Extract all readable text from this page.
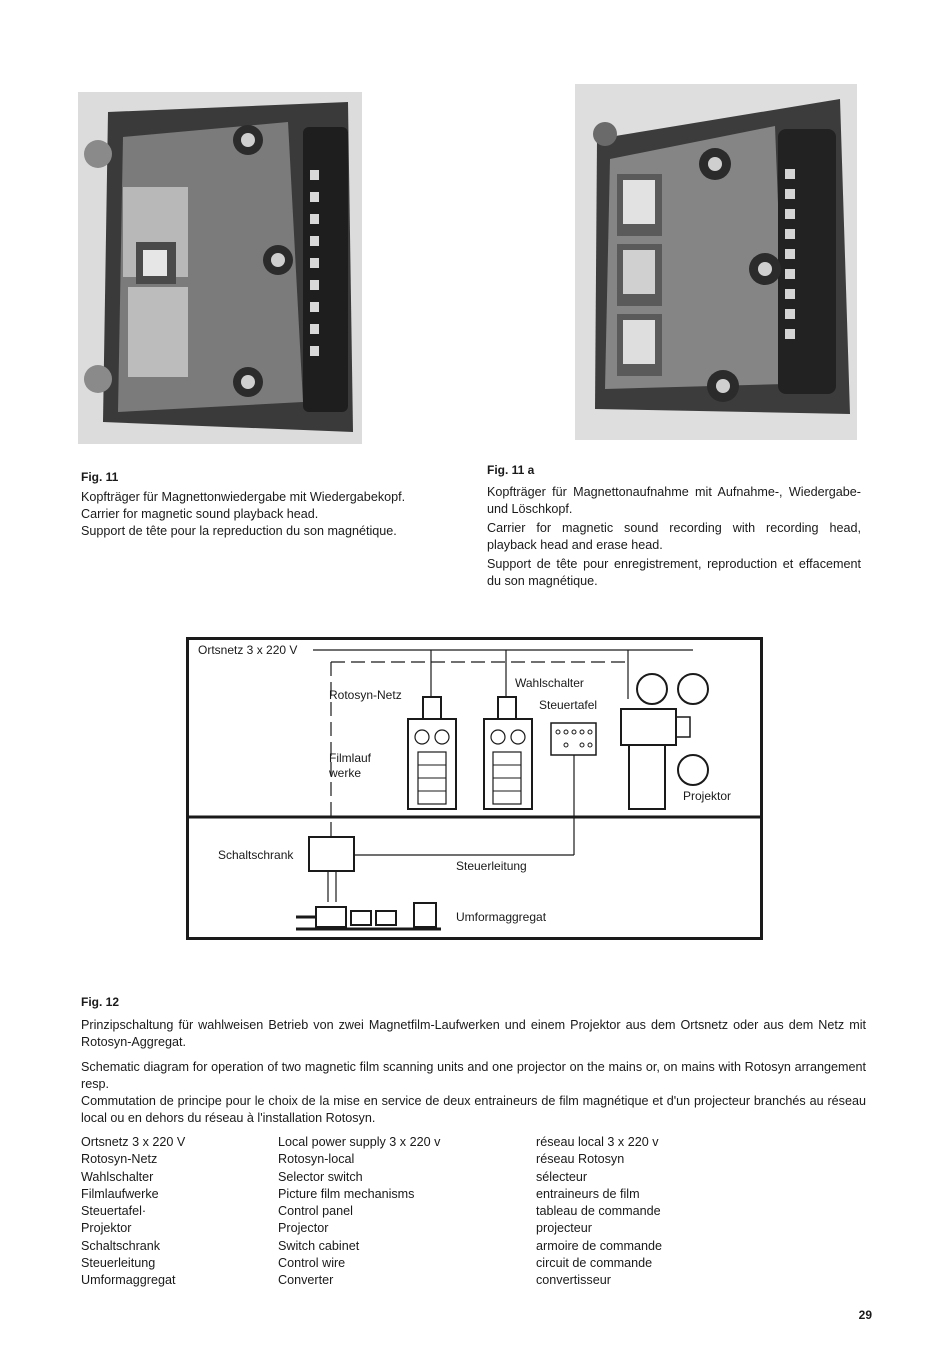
Fig. 11
Kopfträger für Magnettonwiedergabe mit Wiedergabekopf.
Carrier for magnetic sound playback head.
Support de tête pour la repreduction du son magnétique.
Fig. 11 a

Kopfträger für Magnettonaufnahme mit Aufnahme-, Wiedergabe- und Löschkopf.

Carrier for magnetic sound recording with recording head, playback head and erase head.

Support de tête pour enregistrement, reproduction et effacement du son magnétique.

Ortsnetz 3 x 220 V
Rotosyn-Netz
Wahlschalter
Steuertafel
Filmlauf
werke
Projektor
Schaltschrank
Steuerleitung
Umformaggregat
Fig. 12
Prinzipschaltung für wahlweisen Betrieb von zwei Magnetfilm-Laufwerken und einem Projektor aus dem Ortsnetz oder aus dem Netz mit Rotosyn-Aggregat.
Schematic diagram for operation of two magnetic film scanning units and one projector on the mains or, on mains with Rotosyn arrangement resp.
Commutation de principe pour le choix de la mise en service de deux entraineurs de film magnétique et d'un projecteur branchés au réseau local ou en dehors du réseau à l'installation Rotosyn.
Ortsnetz 3 x 220 V
Rotosyn-Netz
Wahlschalter
Filmlaufwerke
Steuertafel·
Projektor
Schaltschrank
Steuerleitung
Umformaggregat
Local power supply 3 x 220 v
Rotosyn-local
Selector switch
Picture film mechanisms
Control panel
Projector
Switch cabinet
Control wire
Converter
réseau local 3 x 220 v
réseau Rotosyn
sélecteur
entraineurs de film
tableau de commande
projecteur
armoire de commande
circuit de commande
convertisseur
29
